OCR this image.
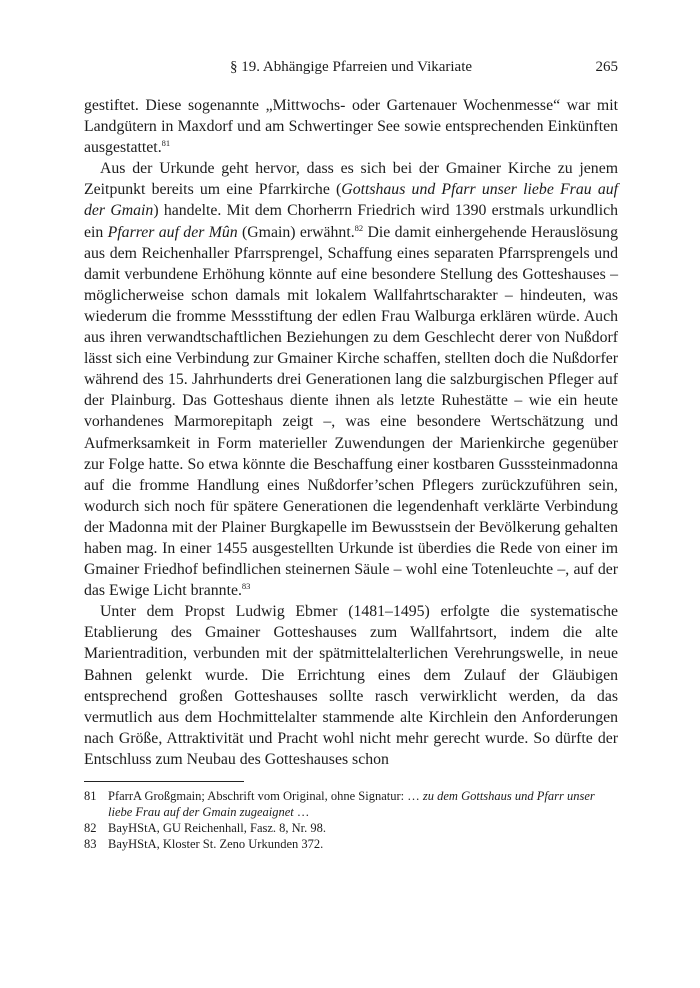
§ 19. Abhängige Pfarreien und Vikariate	265

gestiftet. Diese sogenannte „Mittwochs- oder Gartenauer Wochenmesse“ war mit Landgütern in Maxdorf und am Schwertinger See sowie entsprechenden Einkünften ausgestattet.$^{81}$

Aus der Urkunde geht hervor, dass es sich bei der Gmainer Kirche zu jenem Zeitpunkt bereits um eine Pfarrkirche (Gottshaus und Pfarr unser liebe Frau auf der Gmain) handelte. Mit dem Chorherrn Friedrich wird 1390 erstmals urkundlich ein Pfarrer auf der Mûn (Gmain) erwähnt.$^{82}$ Die damit einhergehende Herauslösung aus dem Reichenhaller Pfarrsprengel, Schaffung eines separaten Pfarrsprengels und damit verbundene Erhöhung könnte auf eine besondere Stellung des Gotteshauses – möglicherweise schon damals mit lokalem Wallfahrtscharakter – hindeuten, was wiederum die fromme Messstiftung der edlen Frau Walburga erklären würde. Auch aus ihren verwandtschaftlichen Beziehungen zu dem Geschlecht derer von Nußdorf lässt sich eine Verbindung zur Gmainer Kirche schaffen, stellten doch die Nußdorfer während des 15. Jahrhunderts drei Generationen lang die salzburgischen Pfleger auf der Plainburg. Das Gotteshaus diente ihnen als letzte Ruhestätte – wie ein heute vorhandenes Marmorepitaph zeigt –, was eine besondere Wertschätzung und Aufmerksamkeit in Form materieller Zuwendungen der Marienkirche gegenüber zur Folge hatte. So etwa könnte die Beschaffung einer kostbaren Gusssteinmadonna auf die fromme Handlung eines Nußdorfer’schen Pflegers zurückzuführen sein, wodurch sich noch für spätere Generationen die legendenhaft verklärte Verbindung der Madonna mit der Plainer Burgkapelle im Bewusstsein der Bevölkerung gehalten haben mag. In einer 1455 ausgestellten Urkunde ist überdies die Rede von einer im Gmainer Friedhof befindlichen steinernen Säule – wohl eine Totenleuchte –, auf der das Ewige Licht brannte.$^{83}$

Unter dem Propst Ludwig Ebmer (1481–1495) erfolgte die systematische Etablierung des Gmainer Gotteshauses zum Wallfahrtsort, indem die alte Marientradition, verbunden mit der spätmittelalterlichen Verehrungswelle, in neue Bahnen gelenkt wurde. Die Errichtung eines dem Zulauf der Gläubigen entsprechend großen Gotteshauses sollte rasch verwirklicht werden, da das vermutlich aus dem Hochmittelalter stammende alte Kirchlein den Anforderungen nach Größe, Attraktivität und Pracht wohl nicht mehr gerecht wurde. So dürfte der Entschluss zum Neubau des Gotteshauses schon

81 PfarrA Großgmain; Abschrift vom Original, ohne Signatur: … zu dem Gottshaus und Pfarr unser liebe Frau auf der Gmain zugeaignet …
82 BayHStA, GU Reichenhall, Fasz. 8, Nr. 98.
83 BayHStA, Kloster St. Zeno Urkunden 372.
